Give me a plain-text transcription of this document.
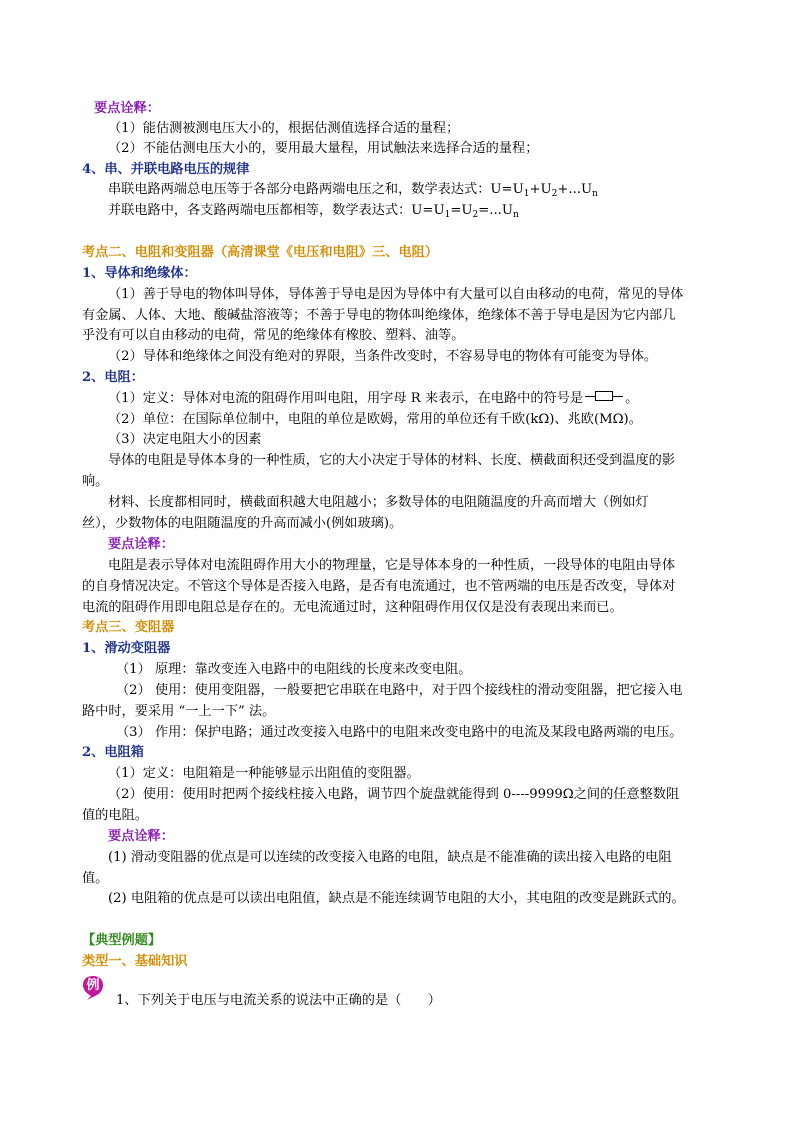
要点诠释：
（1）能估测被测电压大小的，根据估测值选择合适的量程；
（2）不能估测电压大小的，要用最大量程，用试触法来选择合适的量程；
4、串、并联电路电压的规律
串联电路两端总电压等于各部分电路两端电压之和，数学表达式：$U=U_1+U_2+...U_n$
并联电路中，各支路两端电压都相等，数学表达式：$U=U_1=U_2=...U_n$
考点二、电阻和变阻器（高清课堂《电压和电阻》三、电阻）
1、导体和绝缘体：
（1）善于导电的物体叫导体，导体善于导电是因为导体中有大量可以自由移动的电荷，常见的导体
有金属、人体、大地、酸碱盐溶液等；不善于导电的物体叫绝缘体，绝缘体不善于导电是因为它内部几
乎没有可以自由移动的电荷，常见的绝缘体有橡胶、塑料、油等。
（2）导体和绝缘体之间没有绝对的界限，当条件改变时，不容易导电的物体有可能变为导体。
2、电阻：
（1）定义：导体对电流的阻碍作用叫电阻，用字母 R 来表示，在电路中的符号是	。
（2）单位：在国际单位制中，电阻的单位是欧姆，常用的单位还有千欧(kΩ)、兆欧(MΩ)。
（3）决定电阻大小的因素
导体的电阻是导体本身的一种性质，它的大小决定于导体的材料、长度、横截面积还受到温度的影
响。
材料、长度都相同时，横截面积越大电阻越小；多数导体的电阻随温度的升高而增大（例如灯
丝），少数物体的电阻随温度的升高而减小(例如玻璃)。
要点诠释：
电阻是表示导体对电流阻碍作用大小的物理量，它是导体本身的一种性质，一段导体的电阻由导体
的自身情况决定。不管这个导体是否接入电路，是否有电流通过，也不管两端的电压是否改变，导体对
电流的阻碍作用即电阻总是存在的。无电流通过时，这种阻碍作用仅仅是没有表现出来而已。
考点三、变阻器
1、滑动变阻器
（1） 原理：靠改变连入电路中的电阻线的长度来改变电阻。
（2） 使用：使用变阻器，一般要把它串联在电路中，对于四个接线柱的滑动变阻器，把它接入电
路中时，要采用 “一上一下” 法。
（3） 作用：保护电路；通过改变接入电路中的电阻来改变电路中的电流及某段电路两端的电压。
2、电阻箱
（1）定义：电阻箱是一种能够显示出阻值的变阻器。
（2）使用：使用时把两个接线柱接入电路，调节四个旋盘就能得到 0----9999Ω之间的任意整数阻
值的电阻。
要点诠释：
(1) 滑动变阻器的优点是可以连续的改变接入电路的电阻，缺点是不能准确的读出接入电路的电阻
值。
(2) 电阻箱的优点是可以读出电阻值，缺点是不能连续调节电阻的大小，其电阻的改变是跳跃式的。
【典型例题】
类型一、基础知识
例
1、下列关于电压与电流关系的说法中正确的是（　　）
